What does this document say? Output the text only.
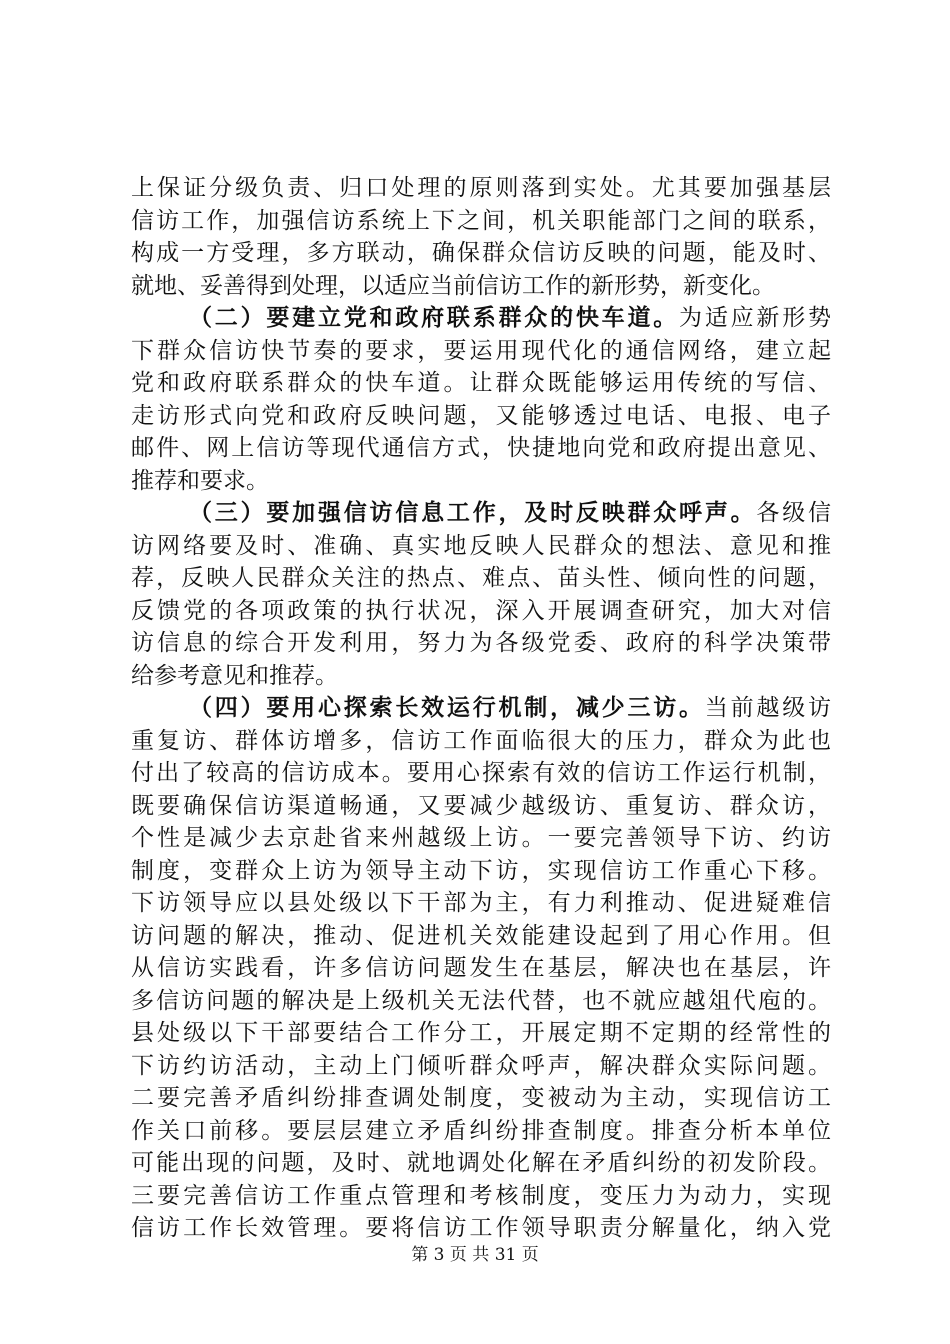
上保证分级负责、归口处理的原则落到实处。尤其要加强基层
信访工作，加强信访系统上下之间，机关职能部门之间的联系，
构成一方受理，多方联动，确保群众信访反映的问题，能及时、
就地、妥善得到处理，以适应当前信访工作的新形势，新变化。
（二）要建立党和政府联系群众的快车道。为适应新形势
下群众信访快节奏的要求，要运用现代化的通信网络，建立起
党和政府联系群众的快车道。让群众既能够运用传统的写信、
走访形式向党和政府反映问题，又能够透过电话、电报、电子
邮件、网上信访等现代通信方式，快捷地向党和政府提出意见、
推荐和要求。
（三）要加强信访信息工作，及时反映群众呼声。各级信
访网络要及时、准确、真实地反映人民群众的想法、意见和推
荐，反映人民群众关注的热点、难点、苗头性、倾向性的问题，
反馈党的各项政策的执行状况，深入开展调查研究，加大对信
访信息的综合开发利用，努力为各级党委、政府的科学决策带
给参考意见和推荐。
（四）要用心探索长效运行机制，减少三访。当前越级访
重复访、群体访增多，信访工作面临很大的压力，群众为此也
付出了较高的信访成本。要用心探索有效的信访工作运行机制，
既要确保信访渠道畅通，又要减少越级访、重复访、群众访，
个性是减少去京赴省来州越级上访。一要完善领导下访、约访
制度，变群众上访为领导主动下访，实现信访工作重心下移。
下访领导应以县处级以下干部为主，有力利推动、促进疑难信
访问题的解决，推动、促进机关效能建设起到了用心作用。但
从信访实践看，许多信访问题发生在基层，解决也在基层，许
多信访问题的解决是上级机关无法代替，也不就应越俎代庖的。
县处级以下干部要结合工作分工，开展定期不定期的经常性的
下访约访活动，主动上门倾听群众呼声，解决群众实际问题。
二要完善矛盾纠纷排查调处制度，变被动为主动，实现信访工
作关口前移。要层层建立矛盾纠纷排查制度。排查分析本单位
可能出现的问题，及时、就地调处化解在矛盾纠纷的初发阶段。
三要完善信访工作重点管理和考核制度，变压力为动力，实现
信访工作长效管理。要将信访工作领导职责分解量化，纳入党
第 3 页 共 31 页
